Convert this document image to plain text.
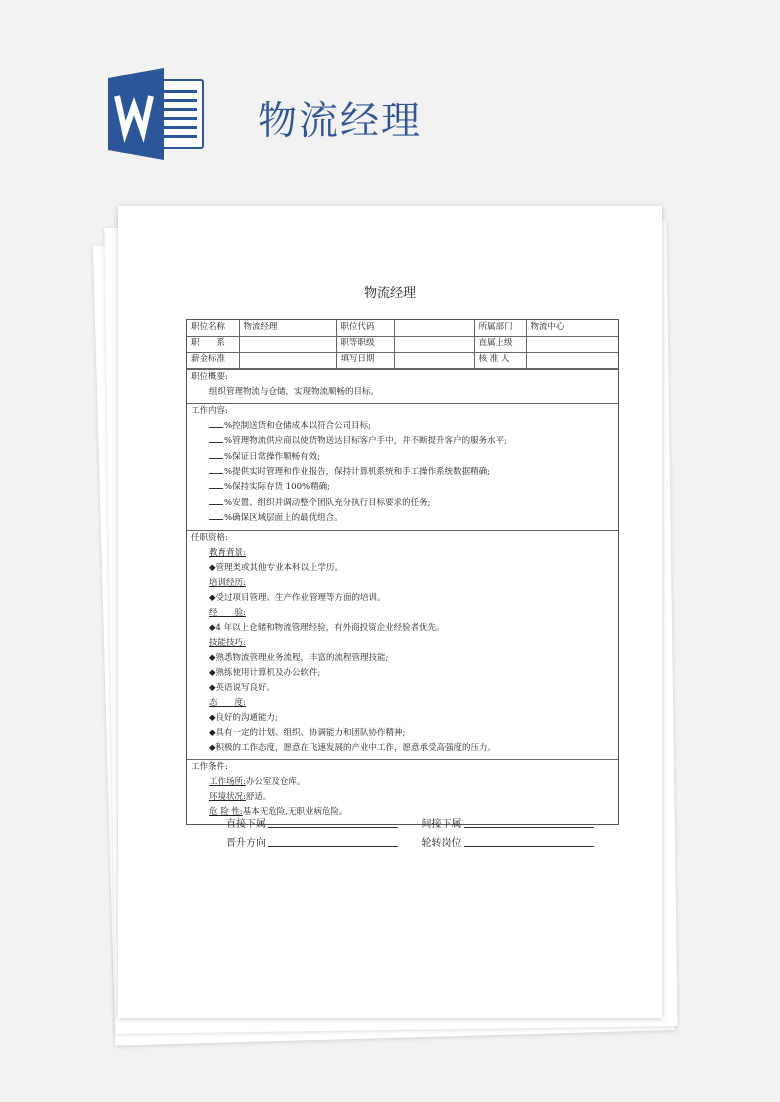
物流经理
物流经理
职位名称	物流经理	职位代码		所属部门	物流中心
职　　系		职等职级		直属上级	
薪金标准		填写日期		核 准 人	
职位概要:
组织管理物流与仓储，实现物流顺畅的目标。
工作内容:
%控制送货和仓储成本以符合公司目标;
%管理物流供应商以使货物送达目标客户手中，并不断提升客户的服务水平;
%保证日常操作顺畅有效;
%提供实时管理和作业报告，保持计算机系统和手工操作系统数据精确;
%保持实际存货 100%精确;
%安置、组织并调动整个团队充分执行目标要求的任务;
%确保区域层面上的最优组合。
任职资格:
教育背景:
◆管理类或其他专业本科以上学历。
培训经历:
◆受过项目管理、生产作业管理等方面的培训。
经　　验:
◆4 年以上仓储和物流管理经验，有外商投资企业经验者优先。
技能技巧:
◆熟悉物流管理业务流程，丰富的流程管理技能;
◆熟练使用计算机及办公软件;
◆英语说写良好。
态　　度:
◆良好的沟通能力;
◆具有一定的计划、组织、协调能力和团队协作精神;
◆积极的工作态度，愿意在飞速发展的产业中工作，愿意承受高强度的压力。
工作条件:
工作场所:办公室及仓库。
环境状况:舒适。
危 险 性:基本无危险,无职业病危险。
直接下属	间接下属
晋升方向	轮转岗位
